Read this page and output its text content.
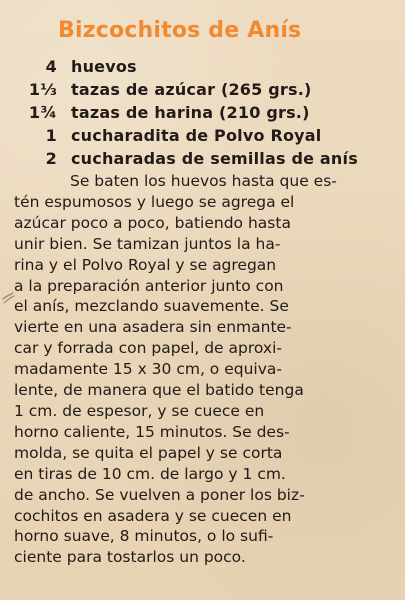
Bizcochitos de Anís
4 huevos
1⅓ tazas de azúcar (265 grs.)
1¾ tazas de harina (210 grs.)
1 cucharadita de Polvo Royal
2 cucharadas de semillas de anís
Se baten los huevos hasta que es-
tén espumosos y luego se agrega el
azúcar poco a poco, batiendo hasta
unir bien. Se tamizan juntos la ha-
rina y el Polvo Royal y se agregan
a la preparación anterior junto con
el anís, mezclando suavemente. Se
vierte en una asadera sin enmante-
car y forrada con papel, de aproxi-
madamente 15 x 30 cm, o equiva-
lente, de manera que el batido tenga
1 cm. de espesor, y se cuece en
horno caliente, 15 minutos. Se des-
molda, se quita el papel y se corta
en tiras de 10 cm. de largo y 1 cm.
de ancho. Se vuelven a poner los biz-
cochitos en asadera y se cuecen en
horno suave, 8 minutos, o lo sufi-
ciente para tostarlos un poco.
